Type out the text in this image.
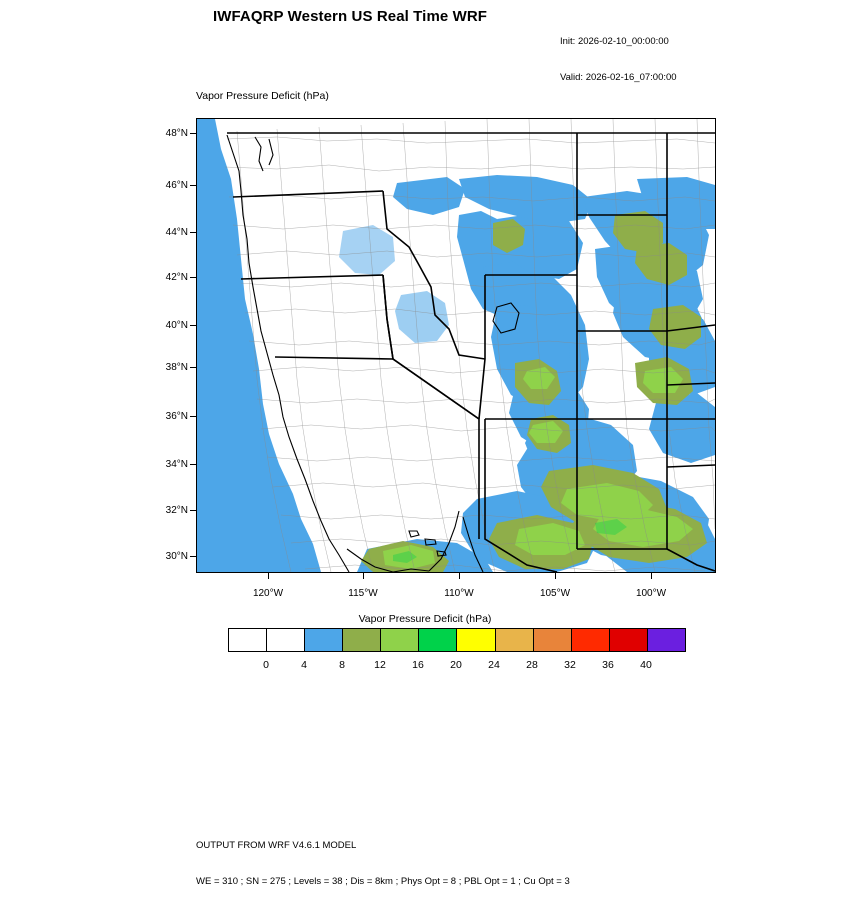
IWFAQRP Western US Real Time WRF

Init: 2026-02-10_00:00:00

Valid: 2026-02-16_07:00:00

Vapor Pressure Deficit (hPa)
48°N
46°N
44°N
42°N
40°N
38°N
36°N
34°N
32°N
30°N
120°W	115°W	110°W	105°W	100°W
Vapor Pressure Deficit (hPa)
0	4	8	12	16	20	24	28	32	36	40

OUTPUT FROM WRF V4.6.1 MODEL

WE = 310 ; SN = 275 ; Levels = 38 ; Dis = 8km ; Phys Opt = 8 ; PBL Opt = 1 ; Cu Opt = 3
